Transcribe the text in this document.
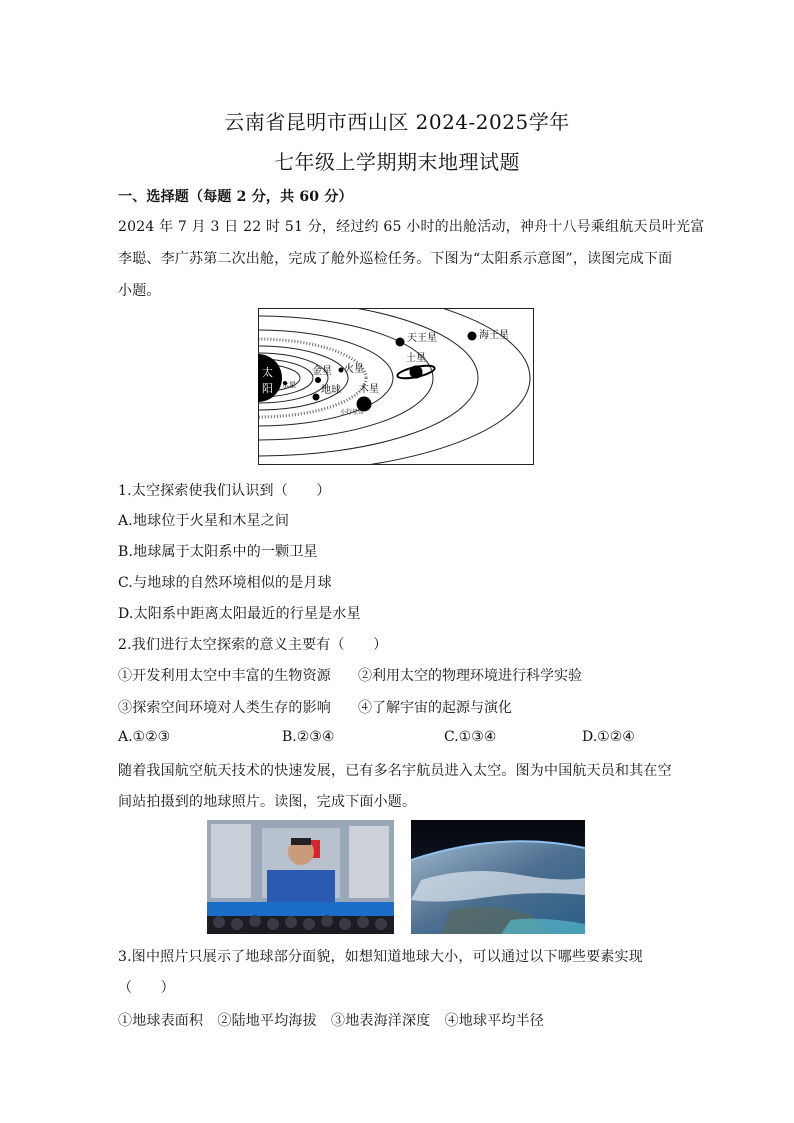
云南省昆明市西山区 2024-2025学年
七年级上学期期末地理试题
一、选择题（每题 2 分，共 60 分）
2024 年 7 月 3 日 22 时 51 分，经过约 65 小时的出舱活动，神舟十八号乘组航天员叶光富
李聪、李广苏第二次出舱，完成了舱外巡检任务。下图为“太阳系示意图”，读图完成下面
小题。
太
阳 水星
金星
地球
火星
木星
小行星带
土星
天王星	海王星
1.太空探索使我们认识到（　　）
A.地球位于火星和木星之间
B.地球属于太阳系中的一颗卫星
C.与地球的自然环境相似的是月球
D.太阳系中距离太阳最近的行星是水星
2.我们进行太空探索的意义主要有（　　）
①开发利用太空中丰富的生物资源 ②利用太空的物理环境进行科学实验
③探索空间环境对人类生存的影响 ④了解宇宙的起源与演化
A.①②③	B.②③④	C.①③④	D.①②④
随着我国航空航天技术的快速发展，已有多名宇航员进入太空。图为中国航天员和其在空
间站拍摄到的地球照片。读图，完成下面小题。
3.图中照片只展示了地球部分面貌，如想知道地球大小，可以通过以下哪些要素实现
（　　）
①地球表面积　②陆地平均海拔　③地表海洋深度　④地球平均半径
